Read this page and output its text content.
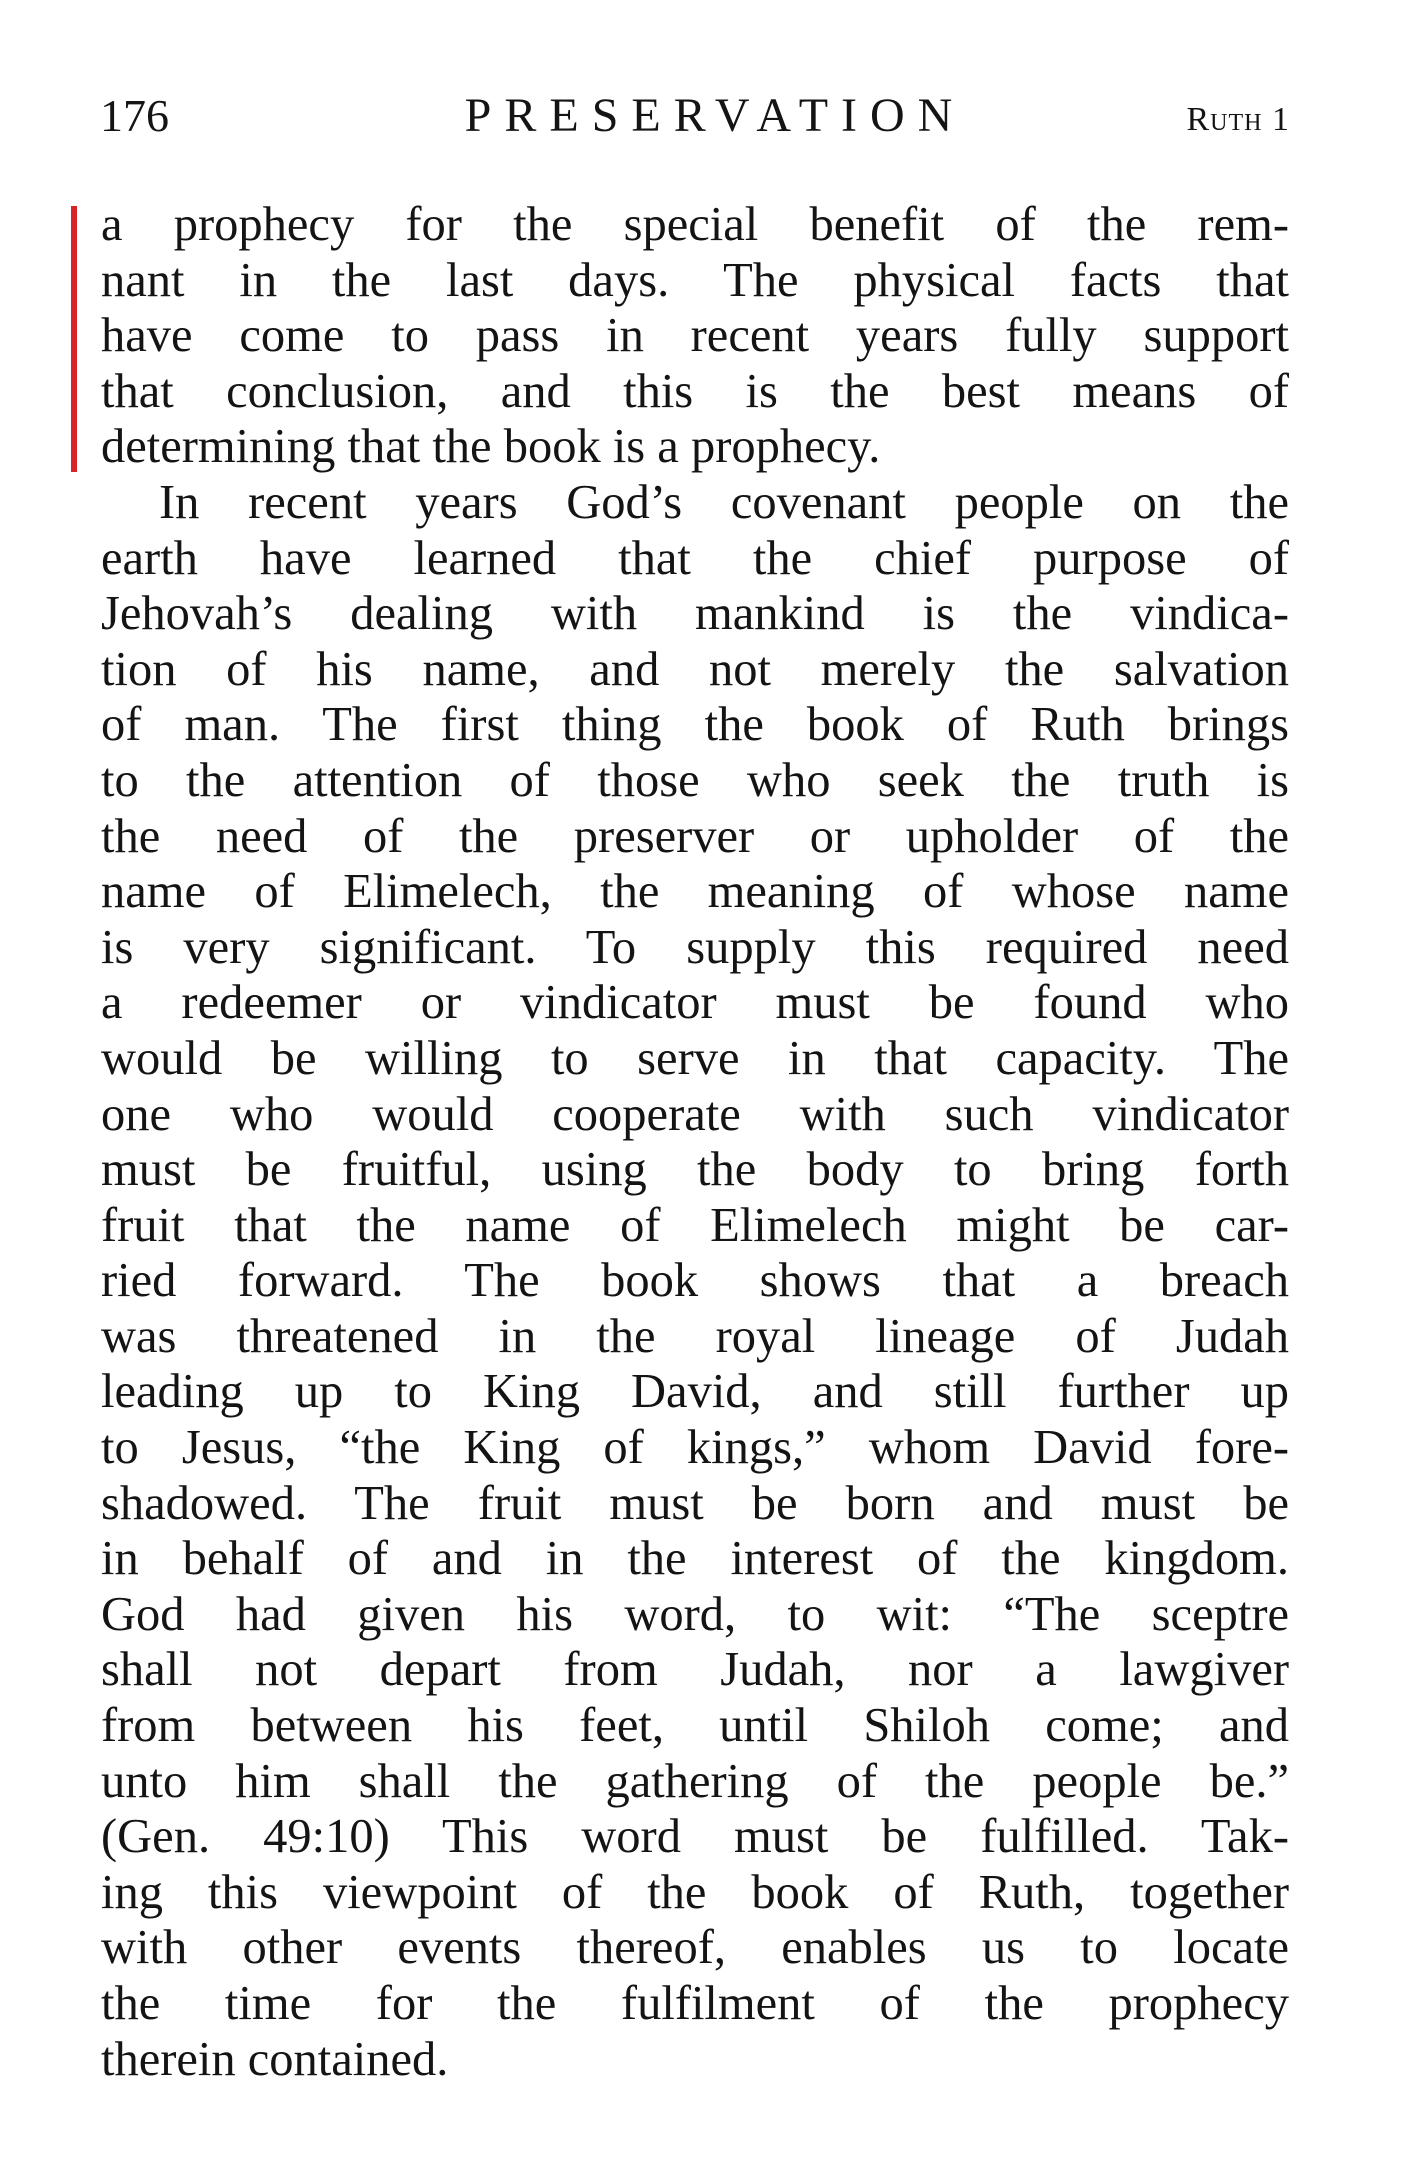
176	PRESERVATION	Ruth 1
a prophecy for the special benefit of the rem-
nant in the last days. The physical facts that
have come to pass in recent years fully support
that conclusion, and this is the best means of
determining that the book is a prophecy.
In recent years God’s covenant people on the
earth have learned that the chief purpose of
Jehovah’s dealing with mankind is the vindica-
tion of his name, and not merely the salvation
of man. The first thing the book of Ruth brings
to the attention of those who seek the truth is
the need of the preserver or upholder of the
name of Elimelech, the meaning of whose name
is very significant. To supply this required need
a redeemer or vindicator must be found who
would be willing to serve in that capacity. The
one who would cooperate with such vindicator
must be fruitful, using the body to bring forth
fruit that the name of Elimelech might be car-
ried forward. The book shows that a breach
was threatened in the royal lineage of Judah
leading up to King David, and still further up
to Jesus, “the King of kings,” whom David fore-
shadowed. The fruit must be born and must be
in behalf of and in the interest of the kingdom.
God had given his word, to wit: “The sceptre
shall not depart from Judah, nor a lawgiver
from between his feet, until Shiloh come; and
unto him shall the gathering of the people be.”
(Gen. 49:10) This word must be fulfilled. Tak-
ing this viewpoint of the book of Ruth, together
with other events thereof, enables us to locate
the time for the fulfilment of the prophecy
therein contained.
